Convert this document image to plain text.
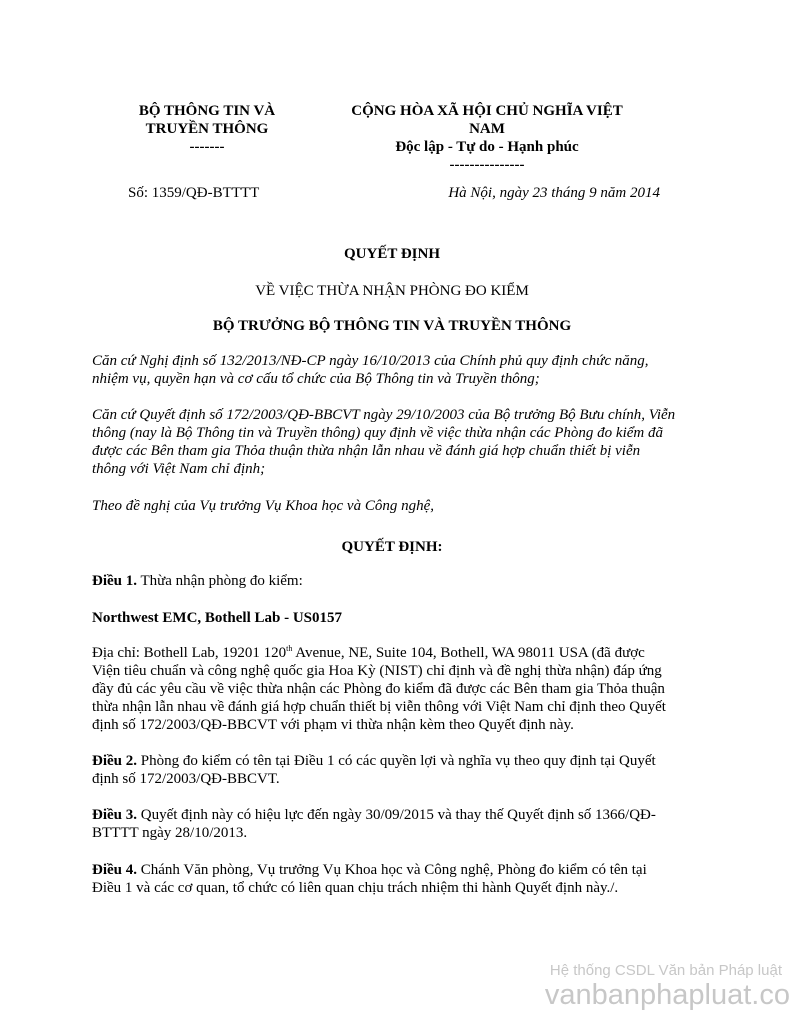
BỘ THÔNG TIN VÀ
TRUYỀN THÔNG
-------
CỘNG HÒA XÃ HỘI CHỦ NGHĨA VIỆT
NAM
Độc lập - Tự do - Hạnh phúc
---------------
Số: 1359/QĐ-BTTTT	Hà Nội, ngày 23 tháng 9 năm 2014
QUYẾT ĐỊNH
VỀ VIỆC THỪA NHẬN PHÒNG ĐO KIỂM
BỘ TRƯỞNG BỘ THÔNG TIN VÀ TRUYỀN THÔNG
Căn cứ Nghị định số 132/2013/NĐ-CP ngày 16/10/2013 của Chính phủ quy định chức năng,
nhiệm vụ, quyền hạn và cơ cấu tổ chức của Bộ Thông tin và Truyền thông;
Căn cứ Quyết định số 172/2003/QĐ-BBCVT ngày 29/10/2003 của Bộ trưởng Bộ Bưu chính, Viễn
thông (nay là Bộ Thông tin và Truyền thông) quy định về việc thừa nhận các Phòng đo kiểm đã
được các Bên tham gia Thỏa thuận thừa nhận lẫn nhau về đánh giá hợp chuẩn thiết bị viễn
thông với Việt Nam chỉ định;
Theo đề nghị của Vụ trưởng Vụ Khoa học và Công nghệ,
QUYẾT ĐỊNH:
Điều 1. Thừa nhận phòng đo kiểm:
Northwest EMC, Bothell Lab - US0157
Địa chỉ: Bothell Lab, 19201 120th Avenue, NE, Suite 104, Bothell, WA 98011 USA (đã được
Viện tiêu chuẩn và công nghệ quốc gia Hoa Kỳ (NIST) chỉ định và đề nghị thừa nhận) đáp ứng
đầy đủ các yêu cầu về việc thừa nhận các Phòng đo kiểm đã được các Bên tham gia Thỏa thuận
thừa nhận lẫn nhau về đánh giá hợp chuẩn thiết bị viễn thông với Việt Nam chỉ định theo Quyết
định số 172/2003/QĐ-BBCVT với phạm vi thừa nhận kèm theo Quyết định này.
Điều 2. Phòng đo kiểm có tên tại Điều 1 có các quyền lợi và nghĩa vụ theo quy định tại Quyết
định số 172/2003/QĐ-BBCVT.
Điều 3. Quyết định này có hiệu lực đến ngày 30/09/2015 và thay thế Quyết định số 1366/QĐ-
BTTTT ngày 28/10/2013.
Điều 4. Chánh Văn phòng, Vụ trưởng Vụ Khoa học và Công nghệ, Phòng đo kiểm có tên tại
Điều 1 và các cơ quan, tổ chức có liên quan chịu trách nhiệm thi hành Quyết định này./.
Hệ thống CSDL Văn bản Pháp luật
vanbanphapluat.co
